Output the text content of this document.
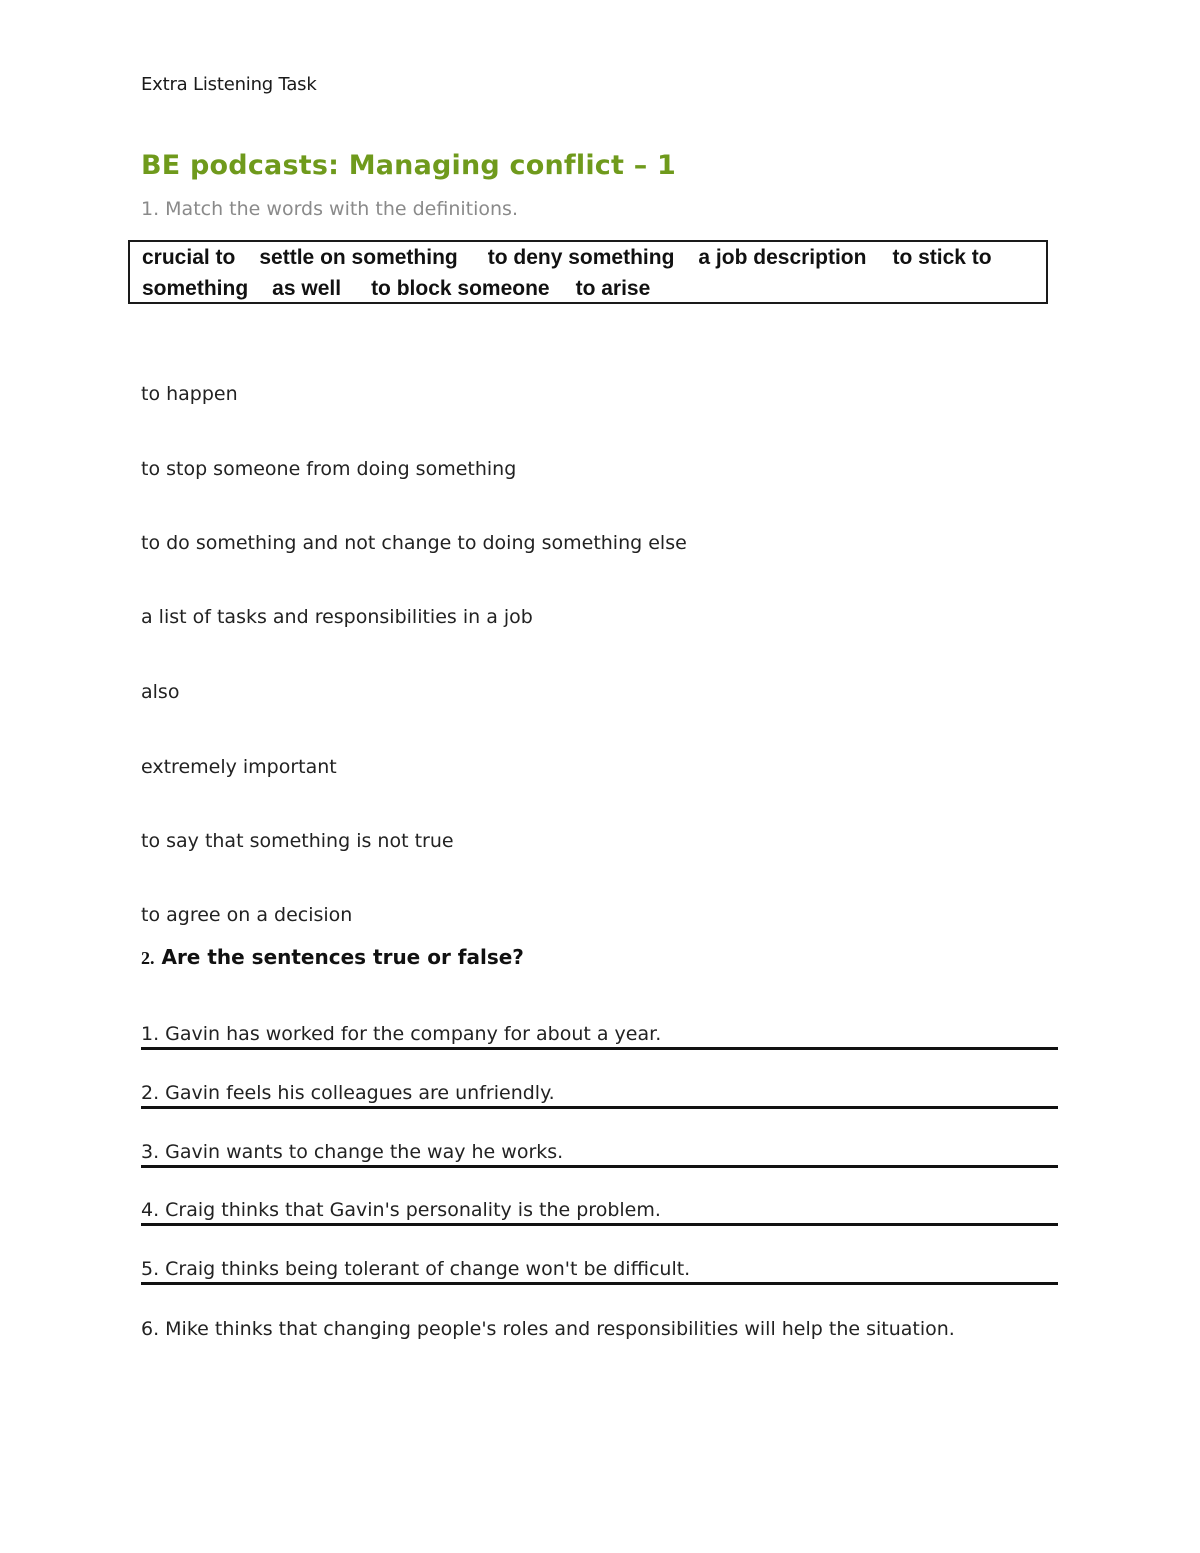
Extra Listening Task
BE podcasts: Managing conflict – 1
1. Match the words with the definitions.
crucial to settle on something to deny something a job description to stick to
something as well to block someone to arise
to happen
to stop someone from doing something
to do something and not change to doing something else
a list of tasks and responsibilities in a job
also
extremely important
to say that something is not true
to agree on a decision
2. Are the sentences true or false?
1. Gavin has worked for the company for about a year.
2. Gavin feels his colleagues are unfriendly.
3. Gavin wants to change the way he works.
4. Craig thinks that Gavin's personality is the problem.
5. Craig thinks being tolerant of change won't be difficult.
6. Mike thinks that changing people's roles and responsibilities will help the situation.
